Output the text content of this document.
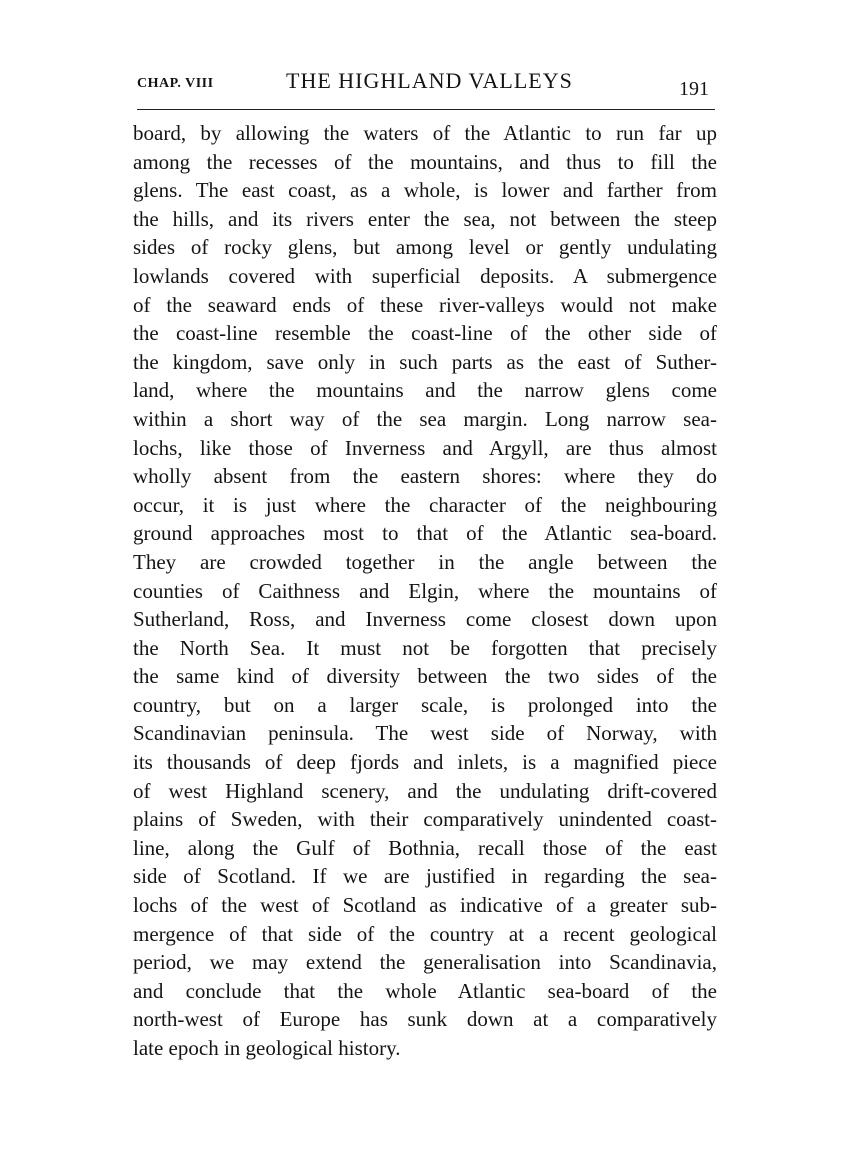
CHAP. VIII	THE HIGHLAND VALLEYS	191
board, by allowing the waters of the Atlantic to run far up
among the recesses of the mountains, and thus to fill the
glens. The east coast, as a whole, is lower and farther from
the hills, and its rivers enter the sea, not between the steep
sides of rocky glens, but among level or gently undulating
lowlands covered with superficial deposits. A submergence
of the seaward ends of these river-valleys would not make
the coast-line resemble the coast-line of the other side of
the kingdom, save only in such parts as the east of Suther-
land, where the mountains and the narrow glens come
within a short way of the sea margin. Long narrow sea-
lochs, like those of Inverness and Argyll, are thus almost
wholly absent from the eastern shores: where they do
occur, it is just where the character of the neighbouring
ground approaches most to that of the Atlantic sea-board.
They are crowded together in the angle between the
counties of Caithness and Elgin, where the mountains of
Sutherland, Ross, and Inverness come closest down upon
the North Sea. It must not be forgotten that precisely
the same kind of diversity between the two sides of the
country, but on a larger scale, is prolonged into the
Scandinavian peninsula. The west side of Norway, with
its thousands of deep fjords and inlets, is a magnified piece
of west Highland scenery, and the undulating drift-covered
plains of Sweden, with their comparatively unindented coast-
line, along the Gulf of Bothnia, recall those of the east
side of Scotland. If we are justified in regarding the sea-
lochs of the west of Scotland as indicative of a greater sub-
mergence of that side of the country at a recent geological
period, we may extend the generalisation into Scandinavia,
and conclude that the whole Atlantic sea-board of the
north-west of Europe has sunk down at a comparatively
late epoch in geological history.
